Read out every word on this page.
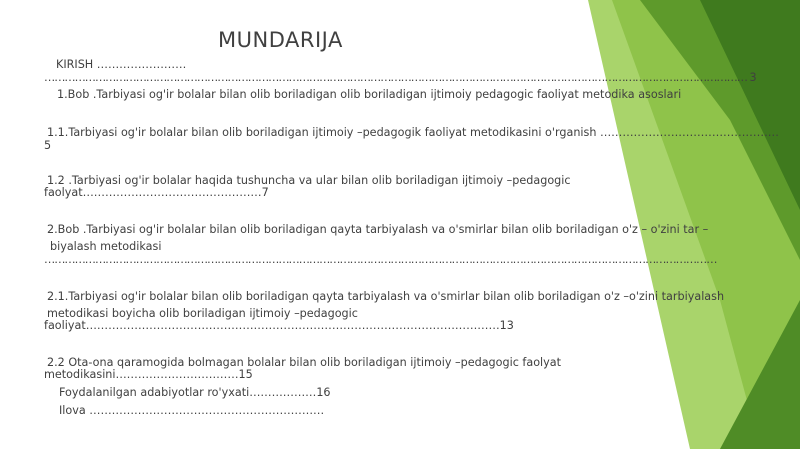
MUNDARIJA
KIRISH ……………………
……………………………………………………………………………………………………………………………………………………………………………………… 3
1.Bob .Tarbiyasi og'ir bolalar bilan olib boriladigan olib boriladigan ijtimoiy pedagogic faoliyat metodika asoslari
1.1.Tarbiyasi og'ir bolalar bilan olib boriladigan ijtimoiy –pedagogik faoliyat metodikasini o'rganish …………………………………………
5
1.2 .Tarbiyasi og'ir bolalar haqida tushuncha va ular bilan olib boriladigan ijtimoiy –pedagogic
faolyat…………………………………………7
2.Bob .Tarbiyasi og'ir bolalar bilan olib boriladigan qayta tarbiyalash va o'smirlar bilan olib boriladigan o'z – o'zini tar –
biyalash metodikasi
………………………………………………………………………………………………………………………………………………………………………………
2.1.Tarbiyasi og'ir bolalar bilan olib boriladigan qayta tarbiyalash va o'smirlar bilan olib boriladigan o'z –o'zini tarbiyalash
metodikasi boyicha olib boriladigan ijtimoiy –pedagogic
faoliyat…………………………………………………………………………………………………13
2.2 Ota-ona qaramogida bolmagan bolalar bilan olib boriladigan ijtimoiy –pedagogic faolyat
metodikasini……………………………15
Foydalanilgan adabiyotlar ro'yxati………………16
Ilova ………………………………………………………
